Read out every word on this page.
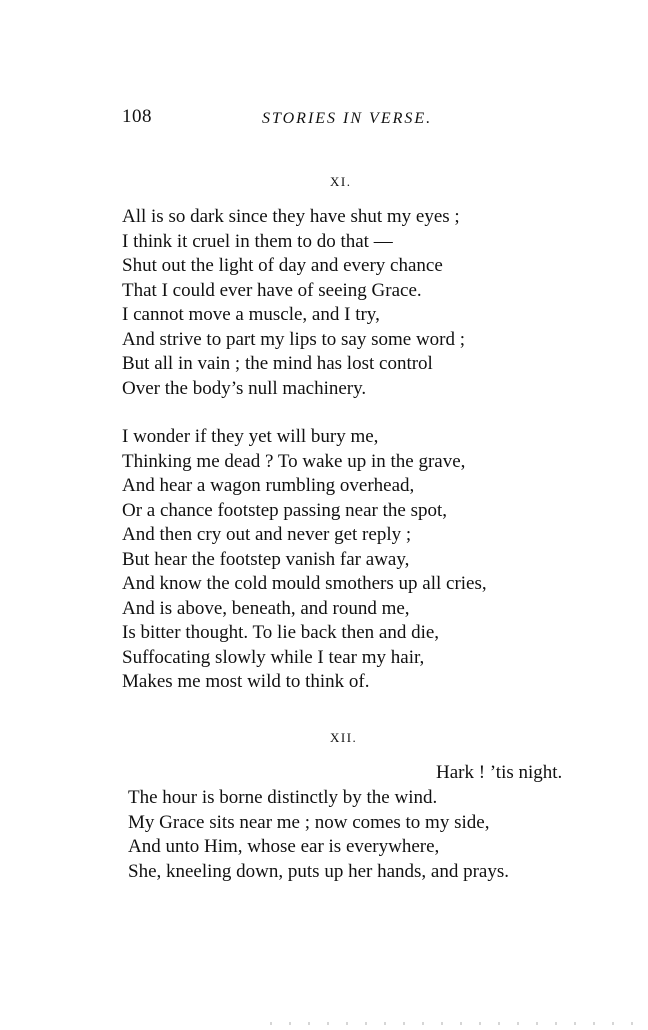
108	STORIES IN VERSE.
XI.
All is so dark since they have shut my eyes ;
I think it cruel in them to do that —
Shut out the light of day and every chance
That I could ever have of seeing Grace.
I cannot move a muscle, and I try,
And strive to part my lips to say some word ;
But all in vain ; the mind has lost control
Over the body’s null machinery.
I wonder if they yet will bury me,
Thinking me dead ? To wake up in the grave,
And hear a wagon rumbling overhead,
Or a chance footstep passing near the spot,
And then cry out and never get reply ;
But hear the footstep vanish far away,
And know the cold mould smothers up all cries,
And is above, beneath, and round me,
Is bitter thought. To lie back then and die,
Suffocating slowly while I tear my hair,
Makes me most wild to think of.
XII.
Hark ! ’tis night.
The hour is borne distinctly by the wind.
My Grace sits near me ; now comes to my side,
And unto Him, whose ear is everywhere,
She, kneeling down, puts up her hands, and prays.
